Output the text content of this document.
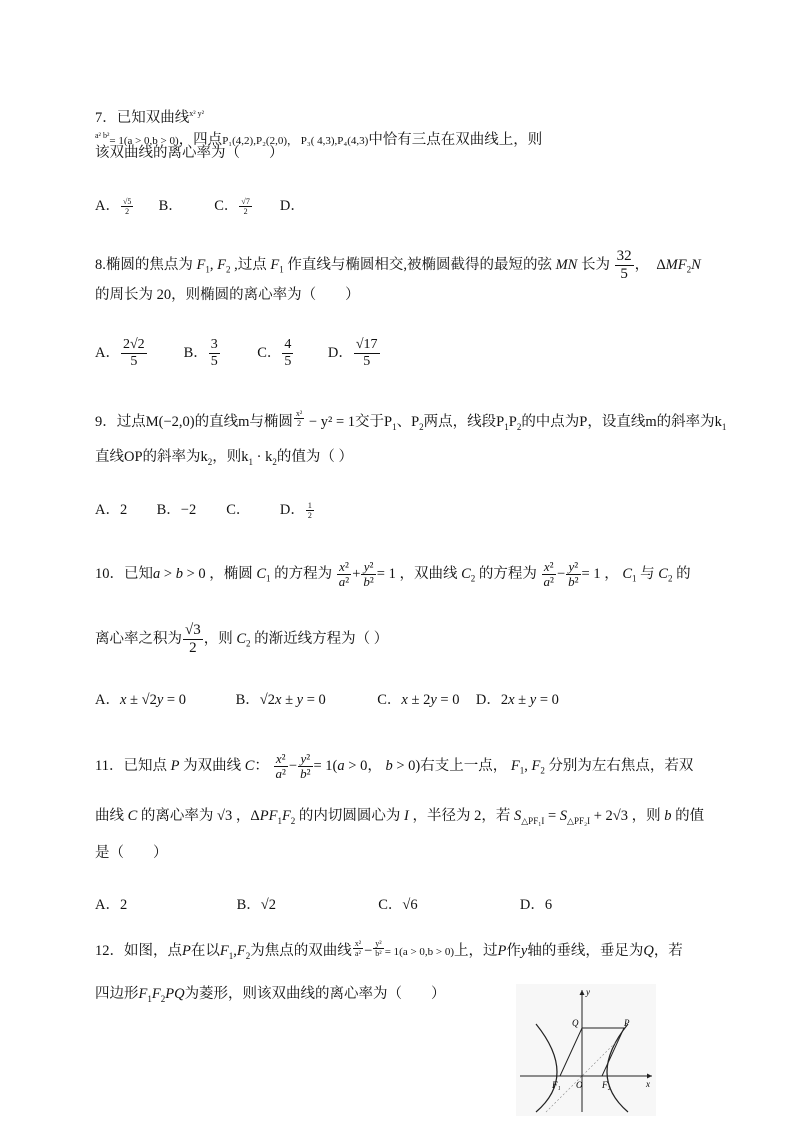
7．已知双曲线$^{x^2 y^2 a^2 b^2}$= 1(a > 0,b > 0)，四点P₁(4,2),P₂(2,0)， P₃( 4,3),P₄(4,3)中恰有三点在双曲线上，则
该双曲线的离心率为（　　）
A． $\frac{√5}{2}$ B． C． $\frac{√7}{2}$ D．
8.椭圆的焦点为 $F_1$, $F_2$ ,过点 $F_1$ 作直线与椭圆相交,被椭圆截得的最短的弦 MN 长为 $\frac{32}{5}$ ，  $\Delta MF_2N$
的周长为 20，则椭圆的离心率为（　　）
A． $\frac{2√2}{5}$	B． $\frac{3}{5}$	C． $\frac{4}{5}$ D． $\frac{√17}{5}$
9．过点M(−2,0)的直线m与椭圆 $\frac{\text{x²}}{2} - y^2 = 1$交于$P_1$、$P_2$两点，线段$P_1P_2$的中点为P，设直线m的斜率为$k_1$
直线OP的斜率为$k_2$，则$k_1 \cdot k_2$的值为（ ）
A．2 B．−2 C． D． $\frac{1}{2}$
10．已知a > b > 0 ，椭圆 $C_1$ 的方程为 $\frac{\text{x²}}{\text{a²}} + \frac{\text{y²}}{\text{b²}} = 1$ ，双曲线 $C_2$ 的方程为 $\frac{\text{x²}}{\text{a²}} - \frac{\text{y²}}{\text{b²}} = 1$ ， $C_1$ 与 $C_2$ 的
离心率之积为 $\frac{√3}{2}$ ，则 $C_2$ 的渐近线方程为（ ）
A．x ± √2y = 0	B．√2x ± y = 0	C．x ± 2y = 0 D．2x ± y = 0
11．已知点 P 为双曲线 C： $\frac{\text{x²}}{\text{a²}} - \frac{\text{y²}}{\text{b²}} = 1(a > 0$， b > 0)右支上一点， $F_1$, $F_2$ 分别为左右焦点，若双
曲线 C 的离心率为 √3 ，$\Delta PF_1F_2$ 的内切圆圆心为 I ，半径为 2，若 $S_{\triangle PF_1I} = S_{\triangle PF_2I} + 2√3$ ，则 b 的值
是（　　）
A．2	B．√2	C．√6	D．6
12．如图，点P在以$F_1,F_2$为焦点的双曲线 $\frac{\text{x²}}{\text{a²}} - \frac{\text{y²}}{\text{b²}} = 1(a > 0,b > 0)$上，过P作y轴的垂线，垂足为Q，若
四边形$F_1F_2PQ$为菱形，则该双曲线的离心率为（　　）	y
x
Q	P
F₁ O F₂
